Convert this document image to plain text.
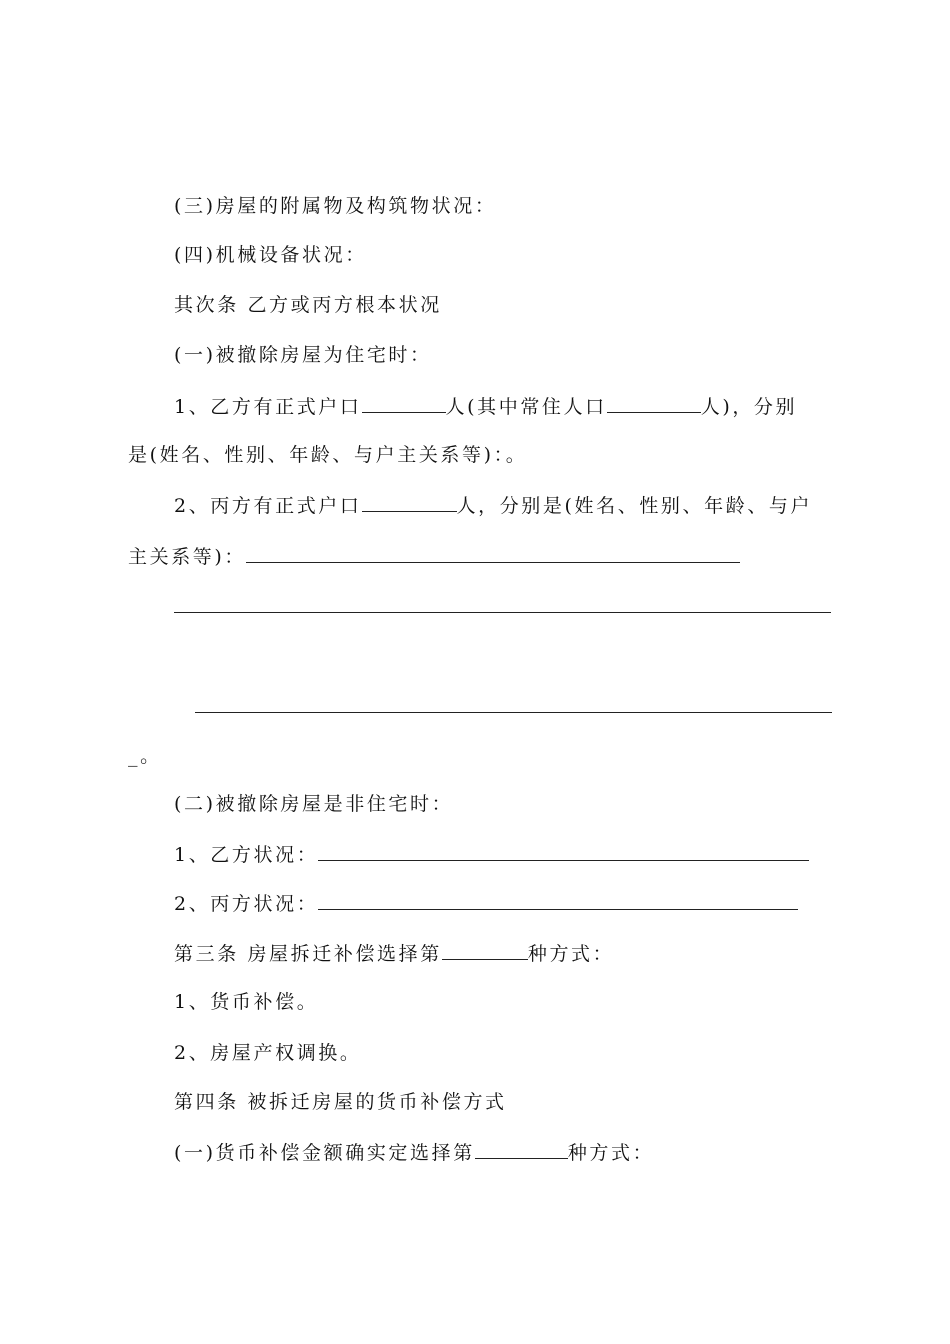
(三)房屋的附属物及构筑物状况：
(四)机械设备状况：
其次条 乙方或丙方根本状况
(一)被撤除房屋为住宅时：
1、乙方有正式户口	人(其中常住人口	人)，分别
是(姓名、性别、年龄、与户主关系等)：。
2、丙方有正式户口	人，分别是(姓名、性别、年龄、与户
主关系等)：
_。
(二)被撤除房屋是非住宅时：
1、乙方状况：
2、丙方状况：
第三条 房屋拆迁补偿选择第	种方式：
1、货币补偿。
2、房屋产权调换。
第四条 被拆迁房屋的货币补偿方式
(一)货币补偿金额确实定选择第	种方式：
